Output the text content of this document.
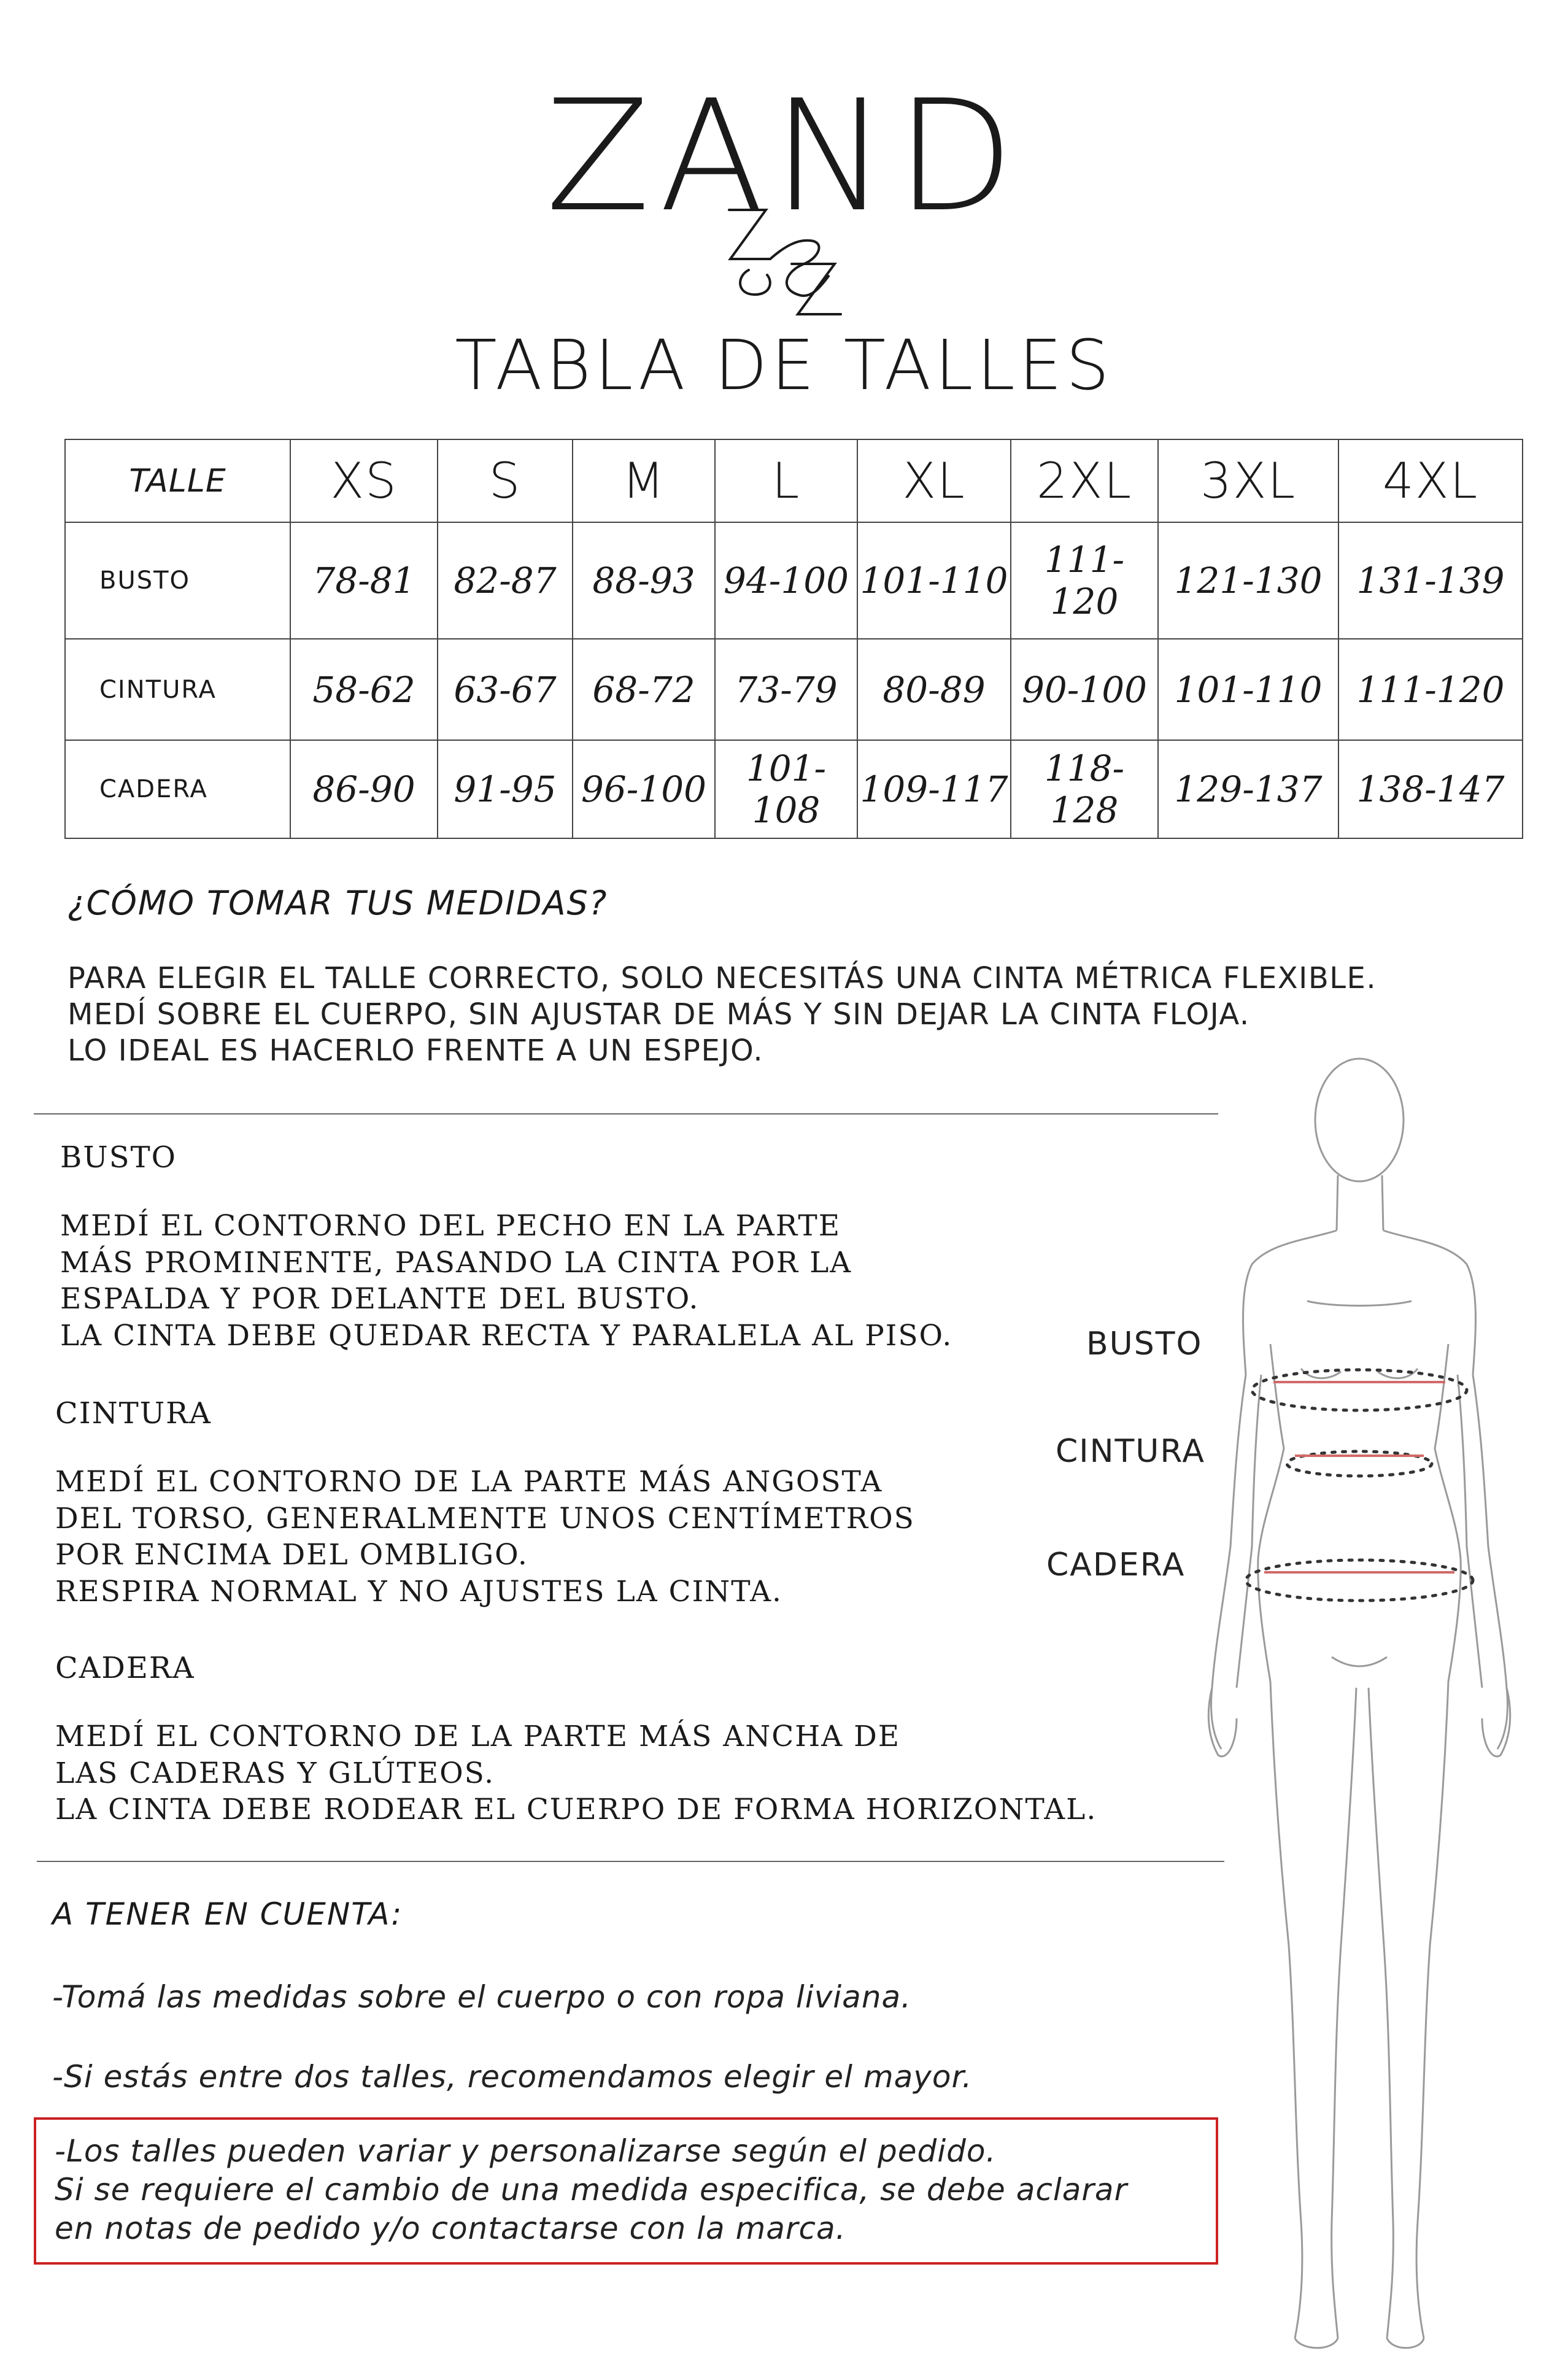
ZAND
TABLA DE TALLES
TALLE	XS	S	M	L	XL	2XL	3XL	4XL
BUSTO	78-81	82-87	88-93	94-100	101-110	111-120	121-130	131-139
CINTURA	58-62	63-67	68-72	73-79	80-89	90-100	101-110	111-120
CADERA	86-90	91-95	96-100	101-108	109-117	118-128	129-137	138-147
¿CÓMO TOMAR TUS MEDIDAS?
PARA ELEGIR EL TALLE CORRECTO, SOLO NECESITÁS UNA CINTA MÉTRICA FLEXIBLE.
MEDÍ SOBRE EL CUERPO, SIN AJUSTAR DE MÁS Y SIN DEJAR LA CINTA FLOJA.
LO IDEAL ES HACERLO FRENTE A UN ESPEJO.
BUSTO
MEDÍ EL CONTORNO DEL PECHO EN LA PARTE
MÁS PROMINENTE, PASANDO LA CINTA POR LA
ESPALDA Y POR DELANTE DEL BUSTO.
LA CINTA DEBE QUEDAR RECTA Y PARALELA AL PISO.
CINTURA
MEDÍ EL CONTORNO DE LA PARTE MÁS ANGOSTA
DEL TORSO, GENERALMENTE UNOS CENTÍMETROS
POR ENCIMA DEL OMBLIGO.
RESPIRA NORMAL Y NO AJUSTES LA CINTA.
CADERA
MEDÍ EL CONTORNO DE LA PARTE MÁS ANCHA DE
LAS CADERAS Y GLÚTEOS.
LA CINTA DEBE RODEAR EL CUERPO DE FORMA HORIZONTAL.
BUSTO
CINTURA
CADERA
A TENER EN CUENTA:
-Tomá las medidas sobre el cuerpo o con ropa liviana.
-Si estás entre dos talles, recomendamos elegir el mayor.
-Los talles pueden variar y personalizarse según el pedido.
Si se requiere el cambio de una medida especifica, se debe aclarar
en notas de pedido y/o contactarse con la marca.
